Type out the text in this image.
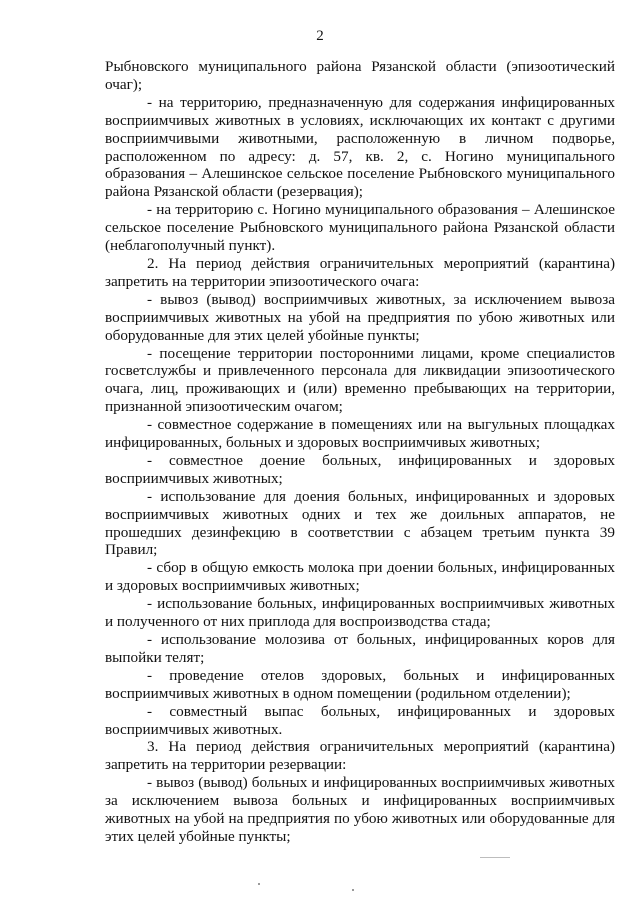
2

Рыбновского муниципального района Рязанской области (эпизоотический очаг);

- на территорию, предназначенную для содержания инфицированных восприимчивых животных в условиях, исключающих их контакт с другими восприимчивыми животными, расположенную в личном подворье, расположенном по адресу: д. 57, кв. 2, с. Ногино муниципального образования – Алешинское сельское поселение Рыбновского муниципального района Рязанской области (резервация);

- на территорию с. Ногино муниципального образования – Алешинское сельское поселение Рыбновского муниципального района Рязанской области (неблагополучный пункт).

2. На период действия ограничительных мероприятий (карантина) запретить на территории эпизоотического очага:

- вывоз (вывод) восприимчивых животных, за исключением вывоза восприимчивых животных на убой на предприятия по убою животных или оборудованные для этих целей убойные пункты;

- посещение территории посторонними лицами, кроме специалистов госветслужбы и привлеченного персонала для ликвидации эпизоотического очага, лиц, проживающих и (или) временно пребывающих на территории, признанной эпизоотическим очагом;

- совместное содержание в помещениях или на выгульных площадках инфицированных, больных и здоровых восприимчивых животных;

- совместное доение больных, инфицированных и здоровых восприимчивых животных;

- использование для доения больных, инфицированных и здоровых восприимчивых животных одних и тех же доильных аппаратов, не прошедших дезинфекцию в соответствии с абзацем третьим пункта 39 Правил;

- сбор в общую емкость молока при доении больных, инфицированных и здоровых восприимчивых животных;

- использование больных, инфицированных восприимчивых животных и полученного от них приплода для воспроизводства стада;

- использование молозива от больных, инфицированных коров для выпойки телят;

- проведение отелов здоровых, больных и инфицированных восприимчивых животных в одном помещении (родильном отделении);

- совместный выпас больных, инфицированных и здоровых восприимчивых животных.

3. На период действия ограничительных мероприятий (карантина) запретить на территории резервации:

- вывоз (вывод) больных и инфицированных восприимчивых животных за исключением вывоза больных и инфицированных восприимчивых животных на убой на предприятия по убою животных или оборудованные для этих целей убойные пункты;
